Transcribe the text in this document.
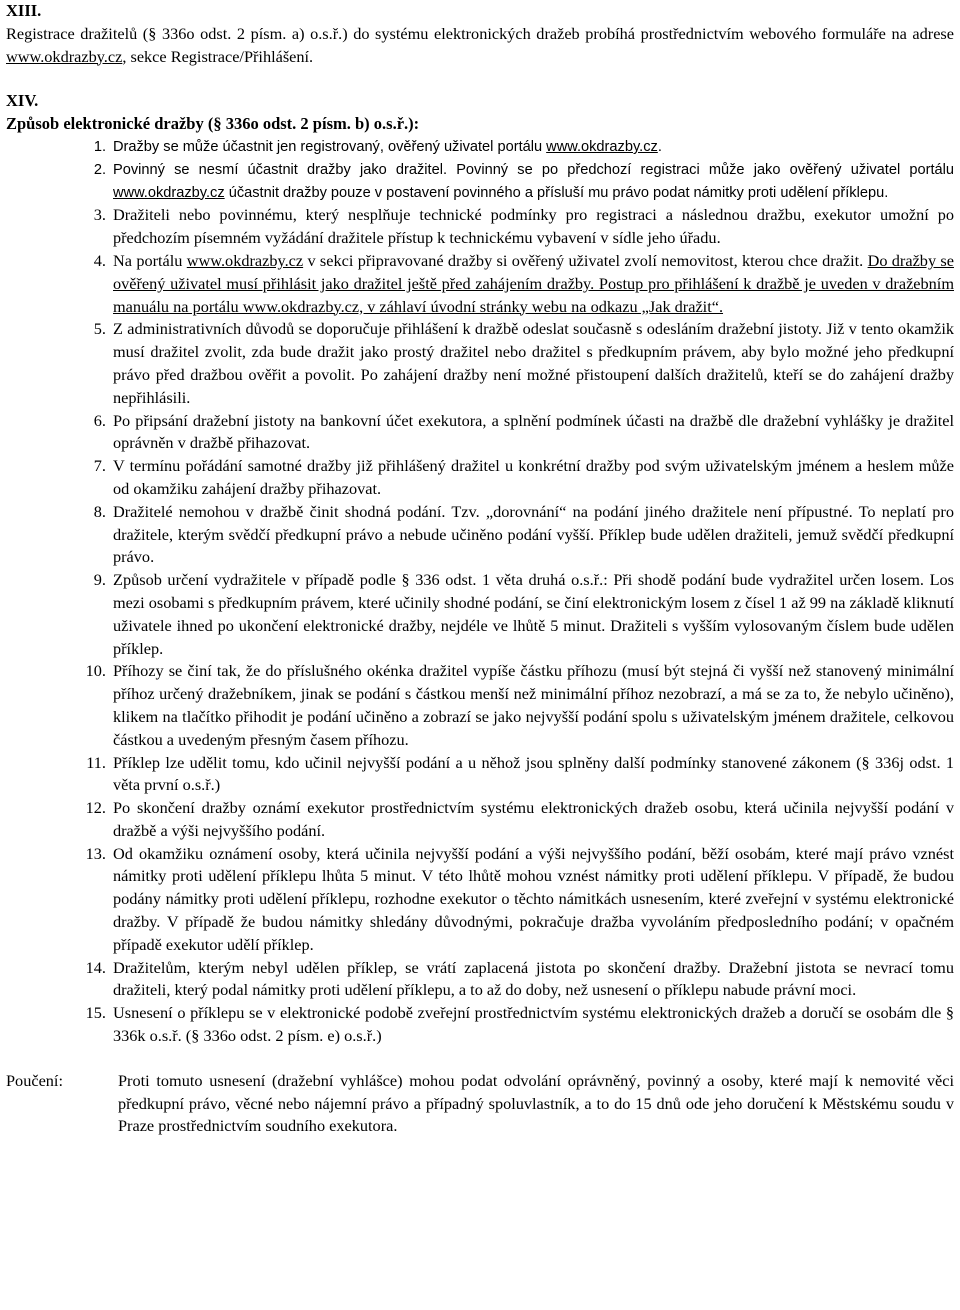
XIII.
Registrace dražitelů (§ 336o odst. 2 písm. a) o.s.ř.) do systému elektronických dražeb probíhá prostřednictvím webového formuláře na adrese www.okdrazby.cz, sekce Registrace/Přihlášení.
XIV.
Způsob elektronické dražby (§ 336o odst. 2 písm. b) o.s.ř.):
1. Dražby se může účastnit jen registrovaný, ověřený uživatel portálu www.okdrazby.cz.
2. Povinný se nesmí účastnit dražby jako dražitel. Povinný se po předchozí registraci může jako ověřený uživatel portálu www.okdrazby.cz účastnit dražby pouze v postavení povinného a přísluší mu právo podat námitky proti udělení příklepu.
3. Dražiteli nebo povinnému, který nesplňuje technické podmínky pro registraci a následnou dražbu, exekutor umožní po předchozím písemném vyžádání dražitele přístup k technickému vybavení v sídle jeho úřadu.
4. Na portálu www.okdrazby.cz v sekci připravované dražby si ověřený uživatel zvolí nemovitost, kterou chce dražit. Do dražby se ověřený uživatel musí přihlásit jako dražitel ještě před zahájením dražby. Postup pro přihlášení k dražbě je uveden v dražebním manuálu na portálu www.okdrazby.cz, v záhlaví úvodní stránky webu na odkazu „Jak dražit“.
5. Z administrativních důvodů se doporučuje přihlášení k dražbě odeslat současně s odesláním dražební jistoty. Již v tento okamžik musí dražitel zvolit, zda bude dražit jako prostý dražitel nebo dražitel s předkupním právem, aby bylo možné jeho předkupní právo před dražbou ověřit a povolit. Po zahájení dražby není možné přistoupení dalších dražitelů, kteří se do zahájení dražby nepřihlásili.
6. Po připsání dražební jistoty na bankovní účet exekutora, a splnění podmínek účasti na dražbě dle dražební vyhlášky je dražitel oprávněn v dražbě přihazovat.
7. V termínu pořádání samotné dražby již přihlášený dražitel u konkrétní dražby pod svým uživatelským jménem a heslem může od okamžiku zahájení dražby přihazovat.
8. Dražitelé nemohou v dražbě činit shodná podání. Tzv. „dorovnání“ na podání jiného dražitele není přípustné. To neplatí pro dražitele, kterým svědčí předkupní právo a nebude učiněno podání vyšší. Příklep bude udělen dražiteli, jemuž svědčí předkupní právo.
9. Způsob určení vydražitele v případě podle § 336 odst. 1 věta druhá o.s.ř.: Při shodě podání bude vydražitel určen losem. Los mezi osobami s předkupním právem, které učinily shodné podání, se činí elektronickým losem z čísel 1 až 99 na základě kliknutí uživatele ihned po ukončení elektronické dražby, nejdéle ve lhůtě 5 minut. Dražiteli s vyšším vylosovaným číslem bude udělen příklep.
10. Příhozy se činí tak, že do příslušného okénka dražitel vypíše částku příhozu (musí být stejná či vyšší než stanovený minimální příhoz určený dražebníkem, jinak se podání s částkou menší než minimální příhoz nezobrazí, a má se za to, že nebylo učiněno), klikem na tlačítko přihodit je podání učiněno a zobrazí se jako nejvyšší podání spolu s uživatelským jménem dražitele, celkovou částkou a uvedeným přesným časem příhozu.
11. Příklep lze udělit tomu, kdo učinil nejvyšší podání a u něhož jsou splněny další podmínky stanovené zákonem (§ 336j odst. 1 věta první o.s.ř.)
12. Po skončení dražby oznámí exekutor prostřednictvím systému elektronických dražeb osobu, která učinila nejvyšší podání v dražbě a výši nejvyššího podání.
13. Od okamžiku oznámení osoby, která učinila nejvyšší podání a výši nejvyššího podání, běží osobám, které mají právo vznést námitky proti udělení příklepu lhůta 5 minut. V této lhůtě mohou vznést námitky proti udělení příklepu. V případě, že budou podány námitky proti udělení příklepu, rozhodne exekutor o těchto námitkách usnesením, které zveřejní v systému elektronické dražby. V případě že budou námitky shledány důvodnými, pokračuje dražba vyvoláním předposledního podání; v opačném případě exekutor udělí příklep.
14. Dražitelům, kterým nebyl udělen příklep, se vrátí zaplacená jistota po skončení dražby. Dražební jistota se nevrací tomu dražiteli, který podal námitky proti udělení příklepu, a to až do doby, než usnesení o příklepu nabude právní moci.
15. Usnesení o příklepu se v elektronické podobě zveřejní prostřednictvím systému elektronických dražeb a doručí se osobám dle § 336k o.s.ř. (§ 336o odst. 2 písm. e) o.s.ř.)
Poučení:	Proti tomuto usnesení (dražební vyhlášce) mohou podat odvolání oprávněný, povinný a osoby, které mají k nemovité věci předkupní právo, věcné nebo nájemní právo a případný spoluvlastník, a to do 15 dnů ode jeho doručení k Městskému soudu v Praze prostřednictvím soudního exekutora.
